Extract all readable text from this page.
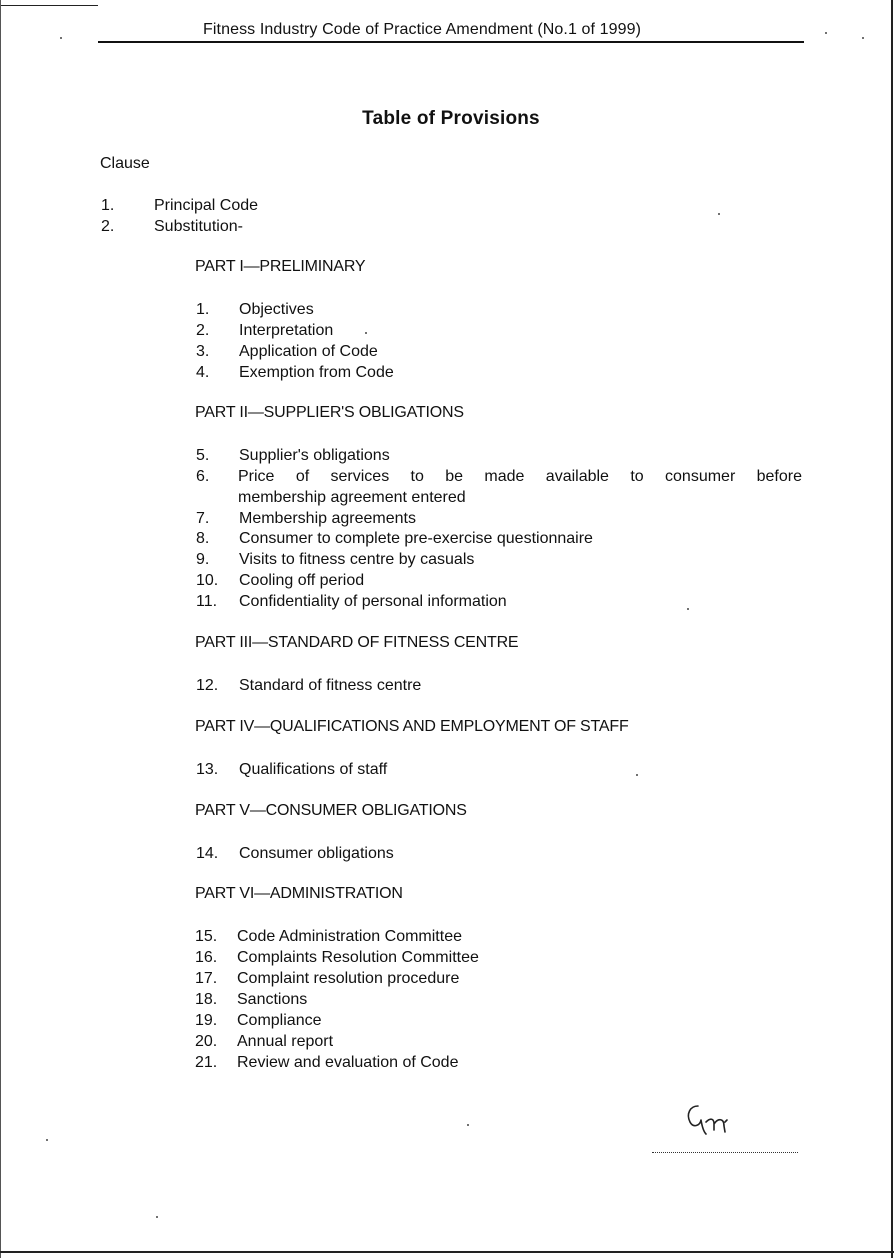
Fitness Industry Code of Practice Amendment (No.1 of 1999)
Table of Provisions
Clause
1. Principal Code
2. Substitution-
PART I—PRELIMINARY
1. Objectives
2. Interpretation
3. Application of Code
4. Exemption from Code
PART II—SUPPLIER'S OBLIGATIONS
5. Supplier's obligations
6. Price of services to be made available to consumer before
membership agreement entered
7. Membership agreements
8. Consumer to complete pre-exercise questionnaire
9. Visits to fitness centre by casuals
10. Cooling off period
11. Confidentiality of personal information
PART III—STANDARD OF FITNESS CENTRE
12. Standard of fitness centre
PART IV—QUALIFICATIONS AND EMPLOYMENT OF STAFF
13. Qualifications of staff
PART V—CONSUMER OBLIGATIONS
14. Consumer obligations
PART VI—ADMINISTRATION
15. Code Administration Committee
16. Complaints Resolution Committee
17. Complaint resolution procedure
18. Sanctions
19. Compliance
20. Annual report
21. Review and evaluation of Code
